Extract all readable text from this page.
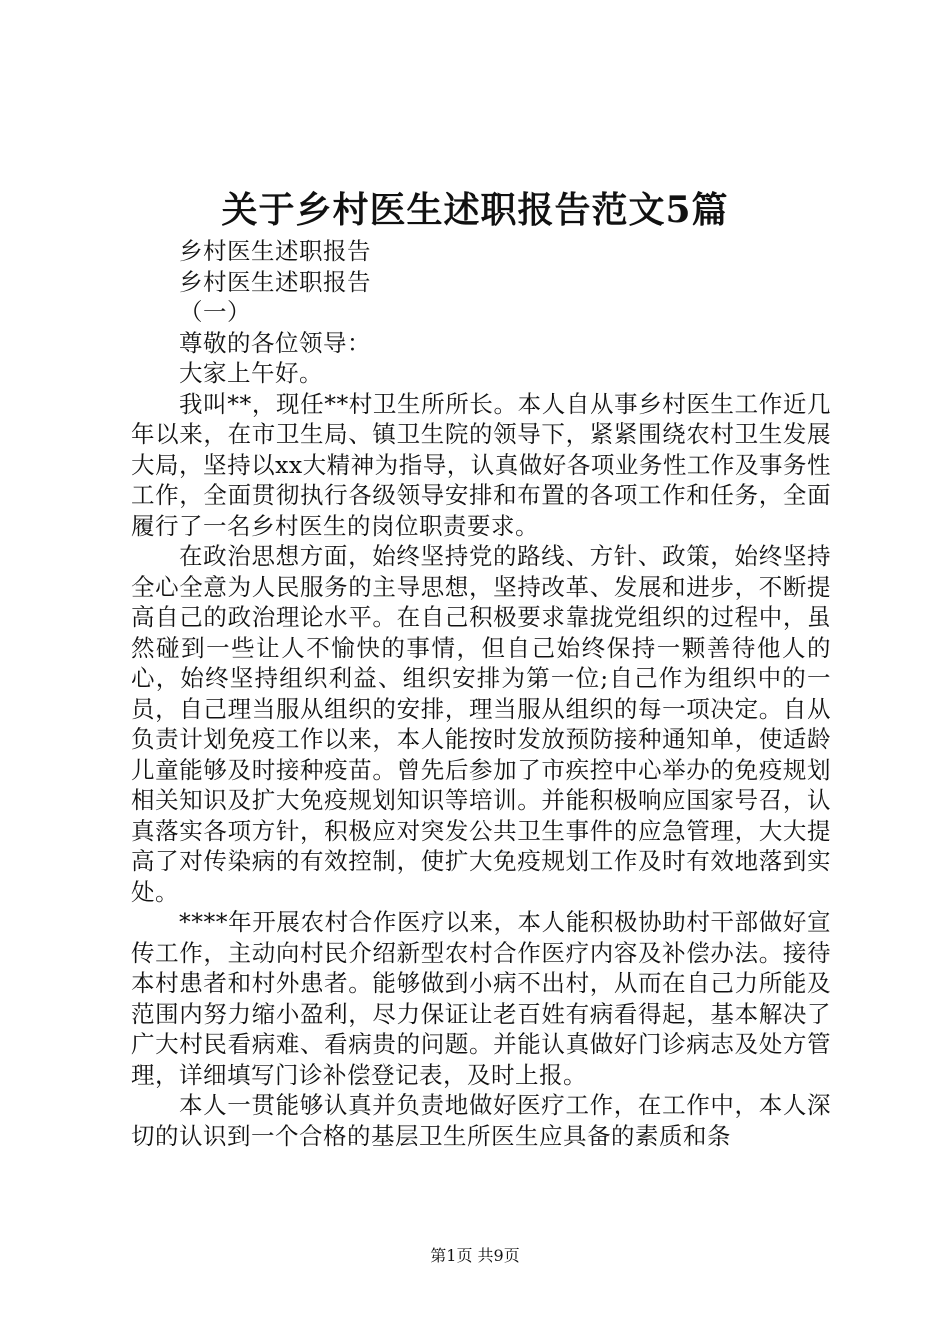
关于乡村医生述职报告范文5篇
乡村医生述职报告
乡村医生述职报告
（一）
尊敬的各位领导：
大家上午好。

我叫**，现任**村卫生所所长。本人自从事乡村医生工作近几年以来，在市卫生局、镇卫生院的领导下，紧紧围绕农村卫生发展大局，坚持以xx大精神为指导，认真做好各项业务性工作及事务性工作，全面贯彻执行各级领导安排和布置的各项工作和任务，全面履行了一名乡村医生的岗位职责要求。

在政治思想方面，始终坚持党的路线、方针、政策，始终坚持全心全意为人民服务的主导思想，坚持改革、发展和进步，不断提高自己的政治理论水平。在自己积极要求靠拢党组织的过程中，虽然碰到一些让人不愉快的事情，但自己始终保持一颗善待他人的心，始终坚持组织利益、组织安排为第一位;自己作为组织中的一员，自己理当服从组织的安排，理当服从组织的每一项决定。自从负责计划免疫工作以来，本人能按时发放预防接种通知单，使适龄儿童能够及时接种疫苗。曾先后参加了市疾控中心举办的免疫规划相关知识及扩大免疫规划知识等培训。并能积极响应国家号召，认真落实各项方针，积极应对突发公共卫生事件的应急管理，大大提高了对传染病的有效控制，使扩大免疫规划工作及时有效地落到实处。

****年开展农村合作医疗以来，本人能积极协助村干部做好宣传工作，主动向村民介绍新型农村合作医疗内容及补偿办法。接待本村患者和村外患者。能够做到小病不出村，从而在自己力所能及范围内努力缩小盈利，尽力保证让老百姓有病看得起，基本解决了广大村民看病难、看病贵的问题。并能认真做好门诊病志及处方管理，详细填写门诊补偿登记表，及时上报。

本人一贯能够认真并负责地做好医疗工作，在工作中，本人深切的认识到一个合格的基层卫生所医生应具备的素质和条

第1页 共9页
